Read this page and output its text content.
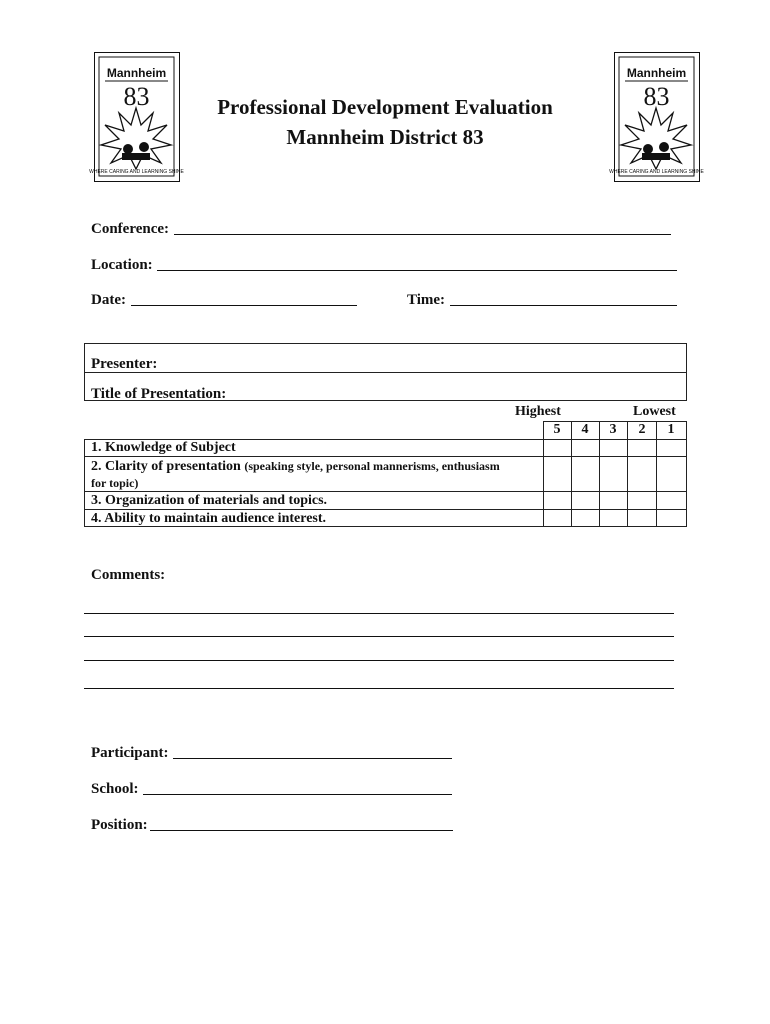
Mannheim
83
WHERE CARING AND LEARNING SHINE
Mannheim
83
WHERE CARING AND LEARNING SHINE
Professional Development Evaluation
Mannheim District 83
Conference:
Location:
Date:	Time:
Presenter:
Title of Presentation:
Highest	Lowest
5	4	3	2	1
1. Knowledge of Subject
2. Clarity of presentation (speaking style, personal mannerisms, enthusiasm
for topic)
3. Organization of materials and topics.
4. Ability to maintain audience interest.
Comments:
Participant:
School:
Position:
